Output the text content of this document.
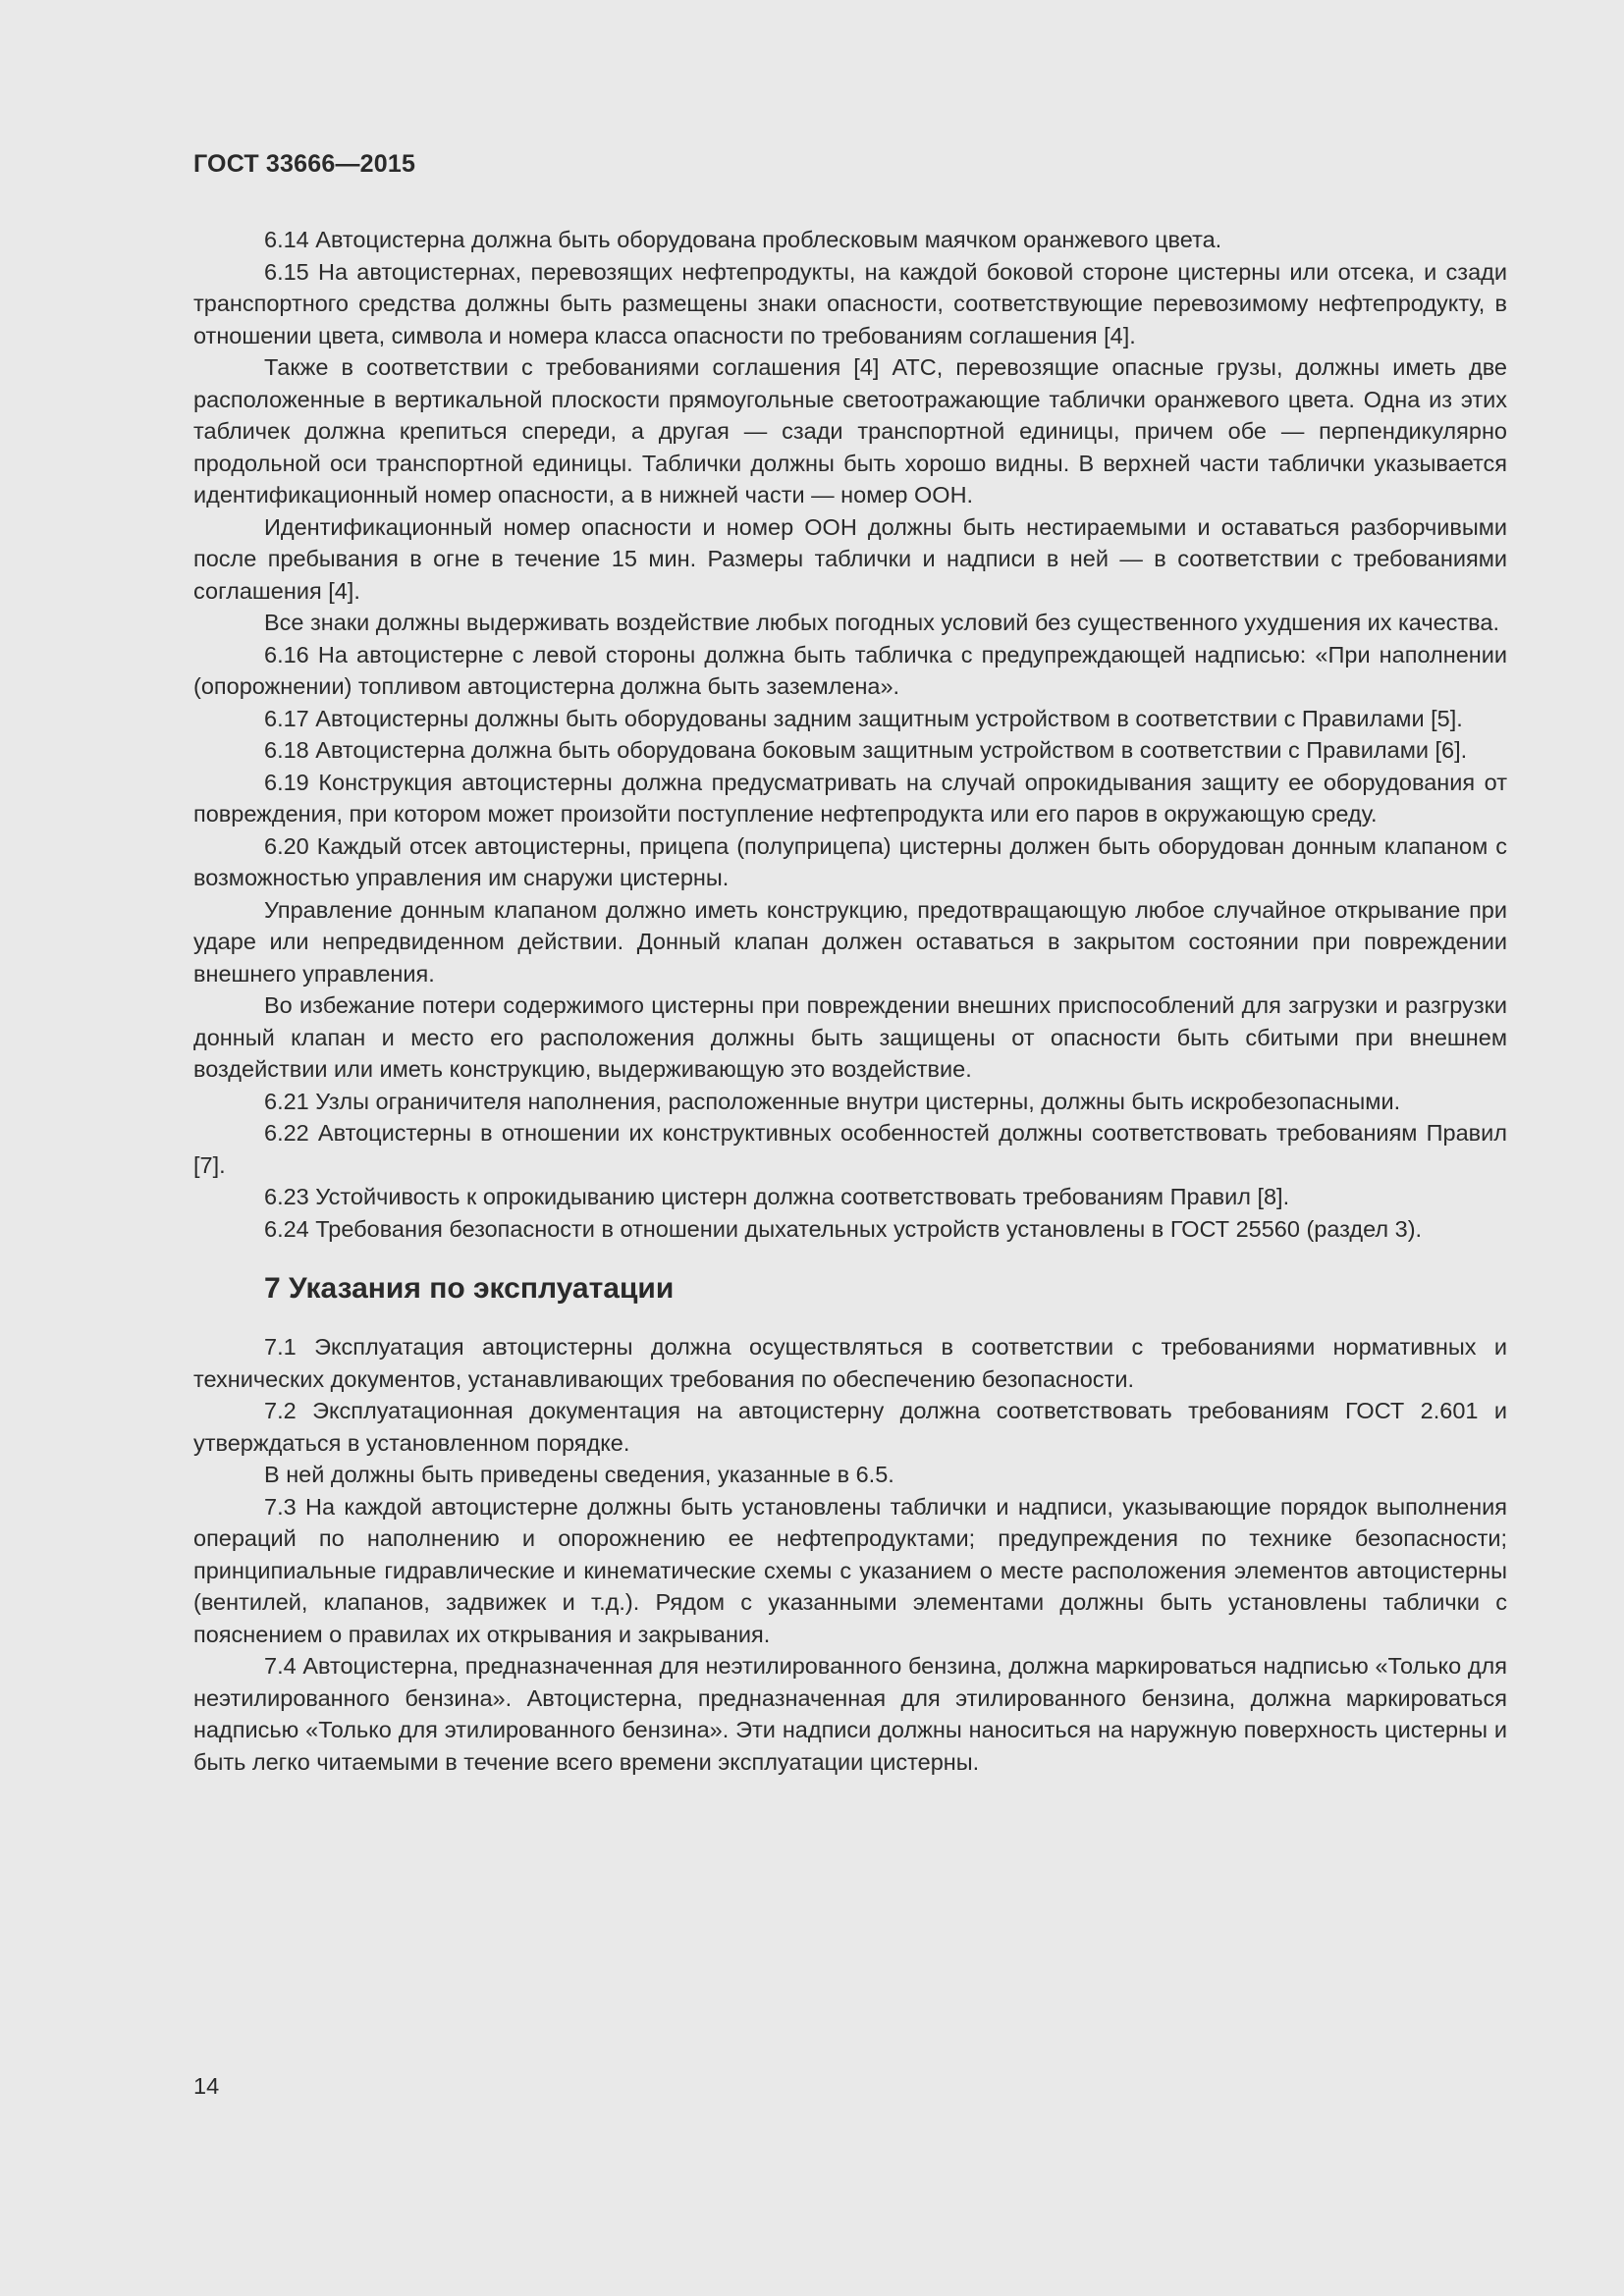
ГОСТ 33666—2015

6.14 Автоцистерна должна быть оборудована проблесковым маячком оранжевого цвета.

6.15 На автоцистернах, перевозящих нефтепродукты, на каждой боковой стороне цистерны или отсека, и сзади транспортного средства должны быть размещены знаки опасности, соответствующие перевозимому нефтепродукту, в отношении цвета, символа и номера класса опасности по требованиям соглашения [4].

Также в соответствии с требованиями соглашения [4] АТС, перевозящие опасные грузы, должны иметь две расположенные в вертикальной плоскости прямоугольные светоотражающие таблички оранжевого цвета. Одна из этих табличек должна крепиться спереди, а другая — сзади транспортной единицы, причем обе — перпендикулярно продольной оси транспортной единицы. Таблички должны быть хорошо видны. В верхней части таблички указывается идентификационный номер опасности, а в нижней части — номер ООН.

Идентификационный номер опасности и номер ООН должны быть нестираемыми и оставаться разборчивыми после пребывания в огне в течение 15 мин. Размеры таблички и надписи в ней — в соответствии с требованиями соглашения [4].

Все знаки должны выдерживать воздействие любых погодных условий без существенного ухудшения их качества.

6.16 На автоцистерне с левой стороны должна быть табличка с предупреждающей надписью: «При наполнении (опорожнении) топливом автоцистерна должна быть заземлена».

6.17 Автоцистерны должны быть оборудованы задним защитным устройством в соответствии с Правилами [5].

6.18 Автоцистерна должна быть оборудована боковым защитным устройством в соответствии с Правилами [6].

6.19 Конструкция автоцистерны должна предусматривать на случай опрокидывания защиту ее оборудования от повреждения, при котором может произойти поступление нефтепродукта или его паров в окружающую среду.

6.20 Каждый отсек автоцистерны, прицепа (полуприцепа) цистерны должен быть оборудован донным клапаном с возможностью управления им снаружи цистерны.

Управление донным клапаном должно иметь конструкцию, предотвращающую любое случайное открывание при ударе или непредвиденном действии. Донный клапан должен оставаться в закрытом состоянии при повреждении внешнего управления.

Во избежание потери содержимого цистерны при повреждении внешних приспособлений для загрузки и разгрузки донный клапан и место его расположения должны быть защищены от опасности быть сбитыми при внешнем воздействии или иметь конструкцию, выдерживающую это воздействие.

6.21 Узлы ограничителя наполнения, расположенные внутри цистерны, должны быть искробезопасными.

6.22 Автоцистерны в отношении их конструктивных особенностей должны соответствовать требованиям Правил [7].

6.23 Устойчивость к опрокидыванию цистерн должна соответствовать требованиям Правил [8].

6.24 Требования безопасности в отношении дыхательных устройств установлены в ГОСТ 25560 (раздел 3).

7 Указания по эксплуатации

7.1 Эксплуатация автоцистерны должна осуществляться в соответствии с требованиями нормативных и технических документов, устанавливающих требования по обеспечению безопасности.

7.2 Эксплуатационная документация на автоцистерну должна соответствовать требованиям ГОСТ 2.601 и утверждаться в установленном порядке.

В ней должны быть приведены сведения, указанные в 6.5.

7.3 На каждой автоцистерне должны быть установлены таблички и надписи, указывающие порядок выполнения операций по наполнению и опорожнению ее нефтепродуктами; предупреждения по технике безопасности; принципиальные гидравлические и кинематические схемы с указанием о месте расположения элементов автоцистерны (вентилей, клапанов, задвижек и т.д.). Рядом с указанными элементами должны быть установлены таблички с пояснением о правилах их открывания и закрывания.

7.4 Автоцистерна, предназначенная для неэтилированного бензина, должна маркироваться надписью «Только для неэтилированного бензина». Автоцистерна, предназначенная для этилированного бензина, должна маркироваться надписью «Только для этилированного бензина». Эти надписи должны наноситься на наружную поверхность цистерны и быть легко читаемыми в течение всего времени эксплуатации цистерны.

14
